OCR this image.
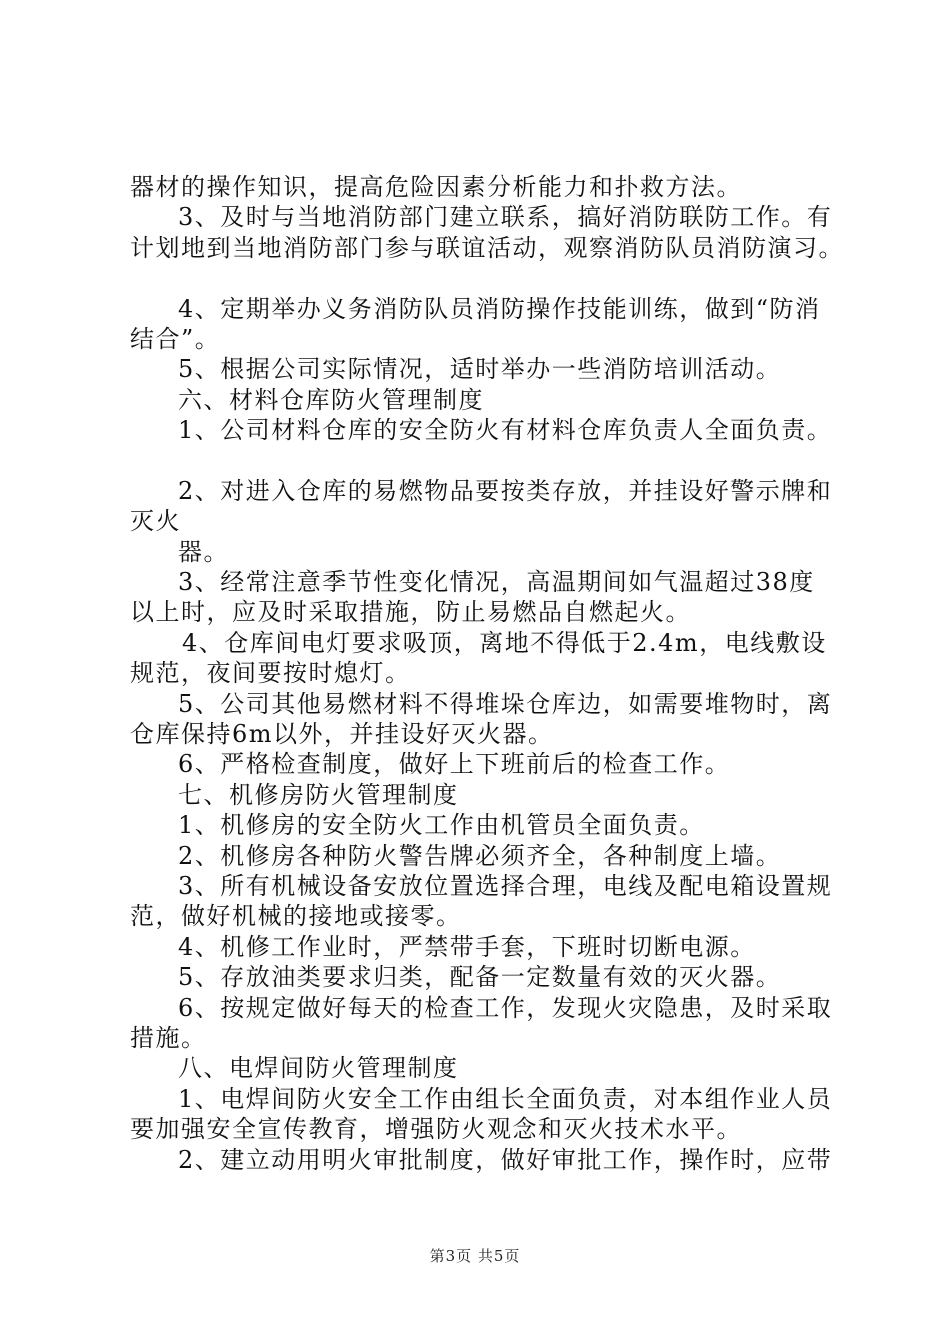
器材的操作知识，提高危险因素分析能力和扑救方法。
3、及时与当地消防部门建立联系，搞好消防联防工作。有
计划地到当地消防部门参与联谊活动，观察消防队员消防演习。
4、定期举办义务消防队员消防操作技能训练，做到“防消
结合”。
5、根据公司实际情况，适时举办一些消防培训活动。
六、材料仓库防火管理制度
1、公司材料仓库的安全防火有材料仓库负责人全面负责。
2、对进入仓库的易燃物品要按类存放，并挂设好警示牌和
灭火
器。
3、经常注意季节性变化情况，高温期间如气温超过38度
以上时，应及时采取措施，防止易燃品自燃起火。
4、仓库间电灯要求吸顶，离地不得低于2.4m，电线敷设
规范，夜间要按时熄灯。
5、公司其他易燃材料不得堆垛仓库边，如需要堆物时，离
仓库保持6m以外，并挂设好灭火器。
6、严格检查制度，做好上下班前后的检查工作。
七、机修房防火管理制度
1、机修房的安全防火工作由机管员全面负责。
2、机修房各种防火警告牌必须齐全，各种制度上墙。
3、所有机械设备安放位置选择合理，电线及配电箱设置规
范，做好机械的接地或接零。
4、机修工作业时，严禁带手套，下班时切断电源。
5、存放油类要求归类，配备一定数量有效的灭火器。
6、按规定做好每天的检查工作，发现火灾隐患，及时采取
措施。
八、电焊间防火管理制度
1、电焊间防火安全工作由组长全面负责，对本组作业人员
要加强安全宣传教育，增强防火观念和灭火技术水平。
2、建立动用明火审批制度，做好审批工作，操作时，应带
第3页 共5页
